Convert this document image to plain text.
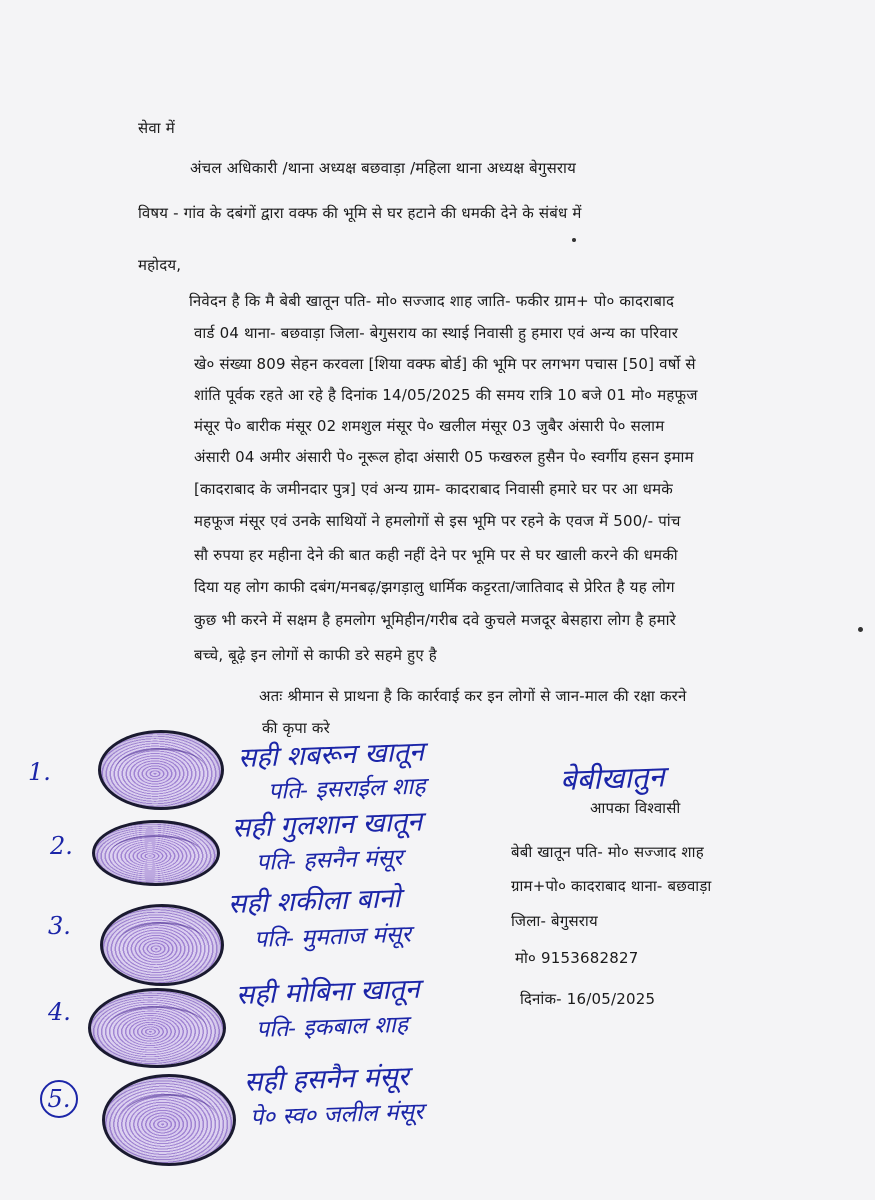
सेवा में
अंचल अधिकारी /थाना अध्यक्ष बछवाड़ा /महिला थाना अध्यक्ष बेगुसराय
विषय - गांव के दबंगों द्वारा वक्फ की भूमि से घर हटाने की धमकी देने के संबंध में
महोदय,
निवेदन है कि मै बेबी खातून पति- मो० सज्जाद शाह जाति- फकीर ग्राम+ पो० कादराबाद
वार्ड 04 थाना- बछवाड़ा जिला- बेगुसराय का स्थाई निवासी हु हमारा एवं अन्य का परिवार
खे० संख्या 809 सेहन करवला [शिया वक्फ बोर्ड] की भूमि पर लगभग पचास [50] वर्षो से
शांति पूर्वक रहते आ रहे है दिनांक 14/05/2025 की समय रात्रि 10 बजे 01 मो० महफूज
मंसूर पे० बारीक मंसूर 02 शमशुल मंसूर पे० खलील मंसूर 03 जुबैर अंसारी पे० सलाम
अंसारी 04 अमीर अंसारी पे० नूरूल होदा अंसारी 05 फखरुल हुसैन पे० स्वर्गीय हसन इमाम
[कादराबाद के जमीनदार पुत्र] एवं अन्य ग्राम- कादराबाद निवासी हमारे घर पर आ धमके
महफूज मंसूर एवं उनके साथियों ने हमलोगों से इस भूमि पर रहने के एवज में 500/- पांच
सौ रुपया हर महीना देने की बात कही नहीं देने पर भूमि पर से घर खाली करने की धमकी
दिया यह लोग काफी दबंग/मनबढ़/झगड़ालु धार्मिक कट्टरता/जातिवाद से प्रेरित है यह लोग
कुछ भी करने में सक्षम है हमलोग भूमिहीन/गरीब दवे कुचले मजदूर बेसहारा लोग है हमारे
बच्चे, बूढ़े इन लोगों से काफी डरे सहमे हुए है
अतः श्रीमान से प्राथना है कि कार्रवाई कर इन लोगों से जान-माल की रक्षा करने
की कृपा करे
1.	सही शबरून खातून
पति- इसराईल शाह
2.
सही गुलशान खातून
पति- हसनैन मंसूर
3.
सही शकीला बानो
पति- मुमताज मंसूर
4.
सही मोबिना खातून
पति- इकबाल शाह
5.
सही हसनैन मंसूर
पे० स्व० जलील मंसूर
बेबीखातुन
आपका विश्वासी
बेबी खातून पति- मो० सज्जाद शाह
ग्राम+पो० कादराबाद थाना- बछवाड़ा
जिला- बेगुसराय
मो० 9153682827
दिनांक- 16/05/2025
